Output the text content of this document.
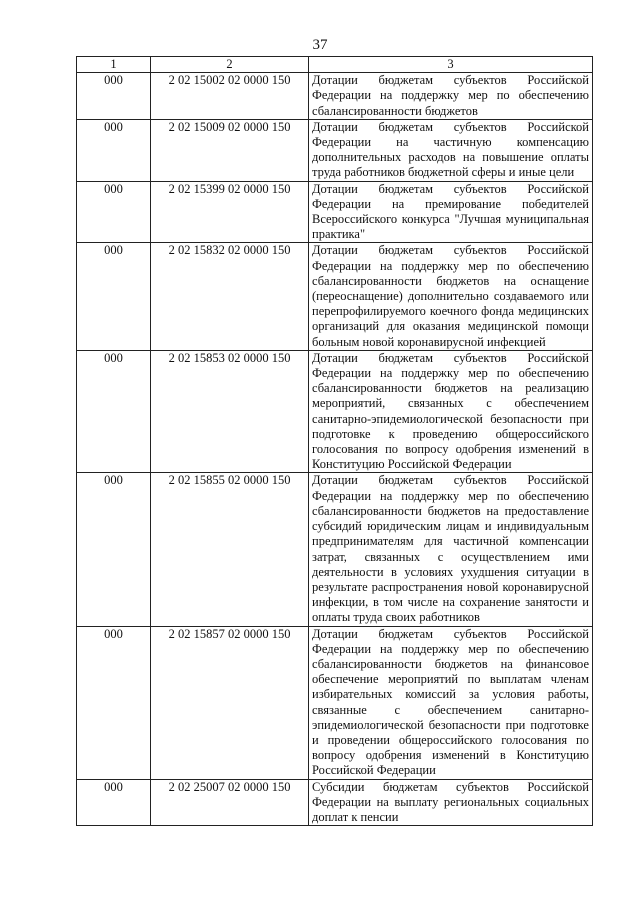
37
1	2	3
000	2 02 15002 02 0000 150	Дотации бюджетам субъектов Российской Федерации на поддержку мер по обеспечению сбалансированности бюджетов
000	2 02 15009 02 0000 150	Дотации бюджетам субъектов Российской Федерации на частичную компенсацию дополнительных расходов на повышение оплаты труда работников бюджетной сферы и иные цели
000	2 02 15399 02 0000 150	Дотации бюджетам субъектов Российской Федерации на премирование победителей Всероссийского конкурса "Лучшая муниципальная практика"
000	2 02 15832 02 0000 150	Дотации бюджетам субъектов Российской Федерации на поддержку мер по обеспечению сбалансированности бюджетов на оснащение (переоснащение) дополнительно создаваемого или перепрофилируемого коечного фонда медицинских организаций для оказания медицинской помощи больным новой коронавирусной инфекцией
000	2 02 15853 02 0000 150	Дотации бюджетам субъектов Российской Федерации на поддержку мер по обеспечению сбалансированности бюджетов на реализацию мероприятий, связанных с обеспечением санитарно-эпидемиологической безопасности при подготовке к проведению общероссийского голосования по вопросу одобрения изменений в Конституцию Российской Федерации
000	2 02 15855 02 0000 150	Дотации бюджетам субъектов Российской Федерации на поддержку мер по обеспечению сбалансированности бюджетов на предоставление субсидий юридическим лицам и индивидуальным предпринимателям для частичной компенсации затрат, связанных с осуществлением ими деятельности в условиях ухудшения ситуации в результате распространения новой коронавирусной инфекции, в том числе на сохранение занятости и оплаты труда своих работников
000	2 02 15857 02 0000 150	Дотации бюджетам субъектов Российской Федерации на поддержку мер по обеспечению сбалансированности бюджетов на финансовое обеспечение мероприятий по выплатам членам избирательных комиссий за условия работы, связанные с обеспечением санитарно-эпидемиологической безопасности при подготовке и проведении общероссийского голосования по вопросу одобрения изменений в Конституцию Российской Федерации
000	2 02 25007 02 0000 150	Субсидии бюджетам субъектов Российской Федерации на выплату региональных социальных доплат к пенсии
